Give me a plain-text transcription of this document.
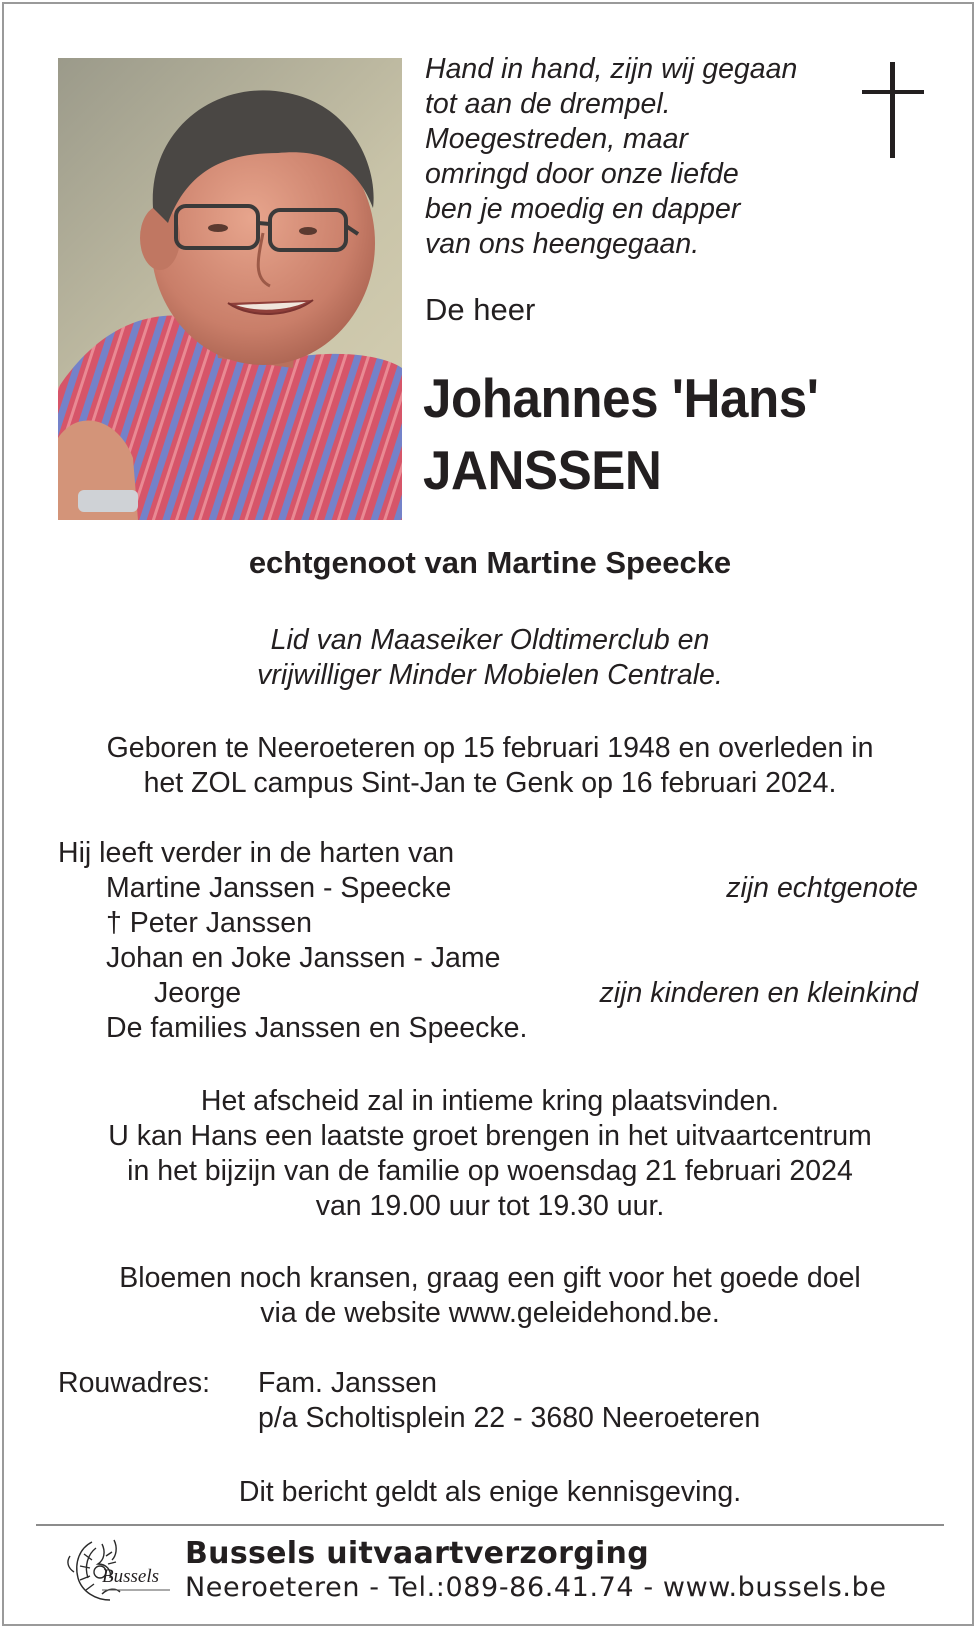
Hand in hand, zijn wij gegaan
tot aan de drempel.
Moegestreden, maar
omringd door onze liefde
ben je moedig en dapper
van ons heengegaan.
De heer
Johannes 'Hans'
JANSSEN
echtgenoot van Martine Speecke
Lid van Maaseiker Oldtimerclub en
vrijwilliger Minder Mobielen Centrale.
Geboren te Neeroeteren op 15 februari 1948 en overleden in
het ZOL campus Sint-Jan te Genk op 16 februari 2024.
Hij leeft verder in de harten van
Martine Janssen - Speecke	zijn echtgenote
† Peter Janssen
Johan en Joke Janssen - Jame
Jeorge	zijn kinderen en kleinkind
De families Janssen en Speecke.
Het afscheid zal in intieme kring plaatsvinden.
U kan Hans een laatste groet brengen in het uitvaartcentrum
in het bijzijn van de familie op woensdag 21 februari 2024
van 19.00 uur tot 19.30 uur.
Bloemen noch kransen, graag een gift voor het goede doel
via de website www.geleidehond.be.
Rouwadres: Fam. Janssen
p/a Scholtisplein 22 - 3680 Neeroeteren
Dit bericht geldt als enige kennisgeving.
Bussels
Bussels uitvaartverzorging
Neeroeteren - Tel.:089-86.41.74 - www.bussels.be
